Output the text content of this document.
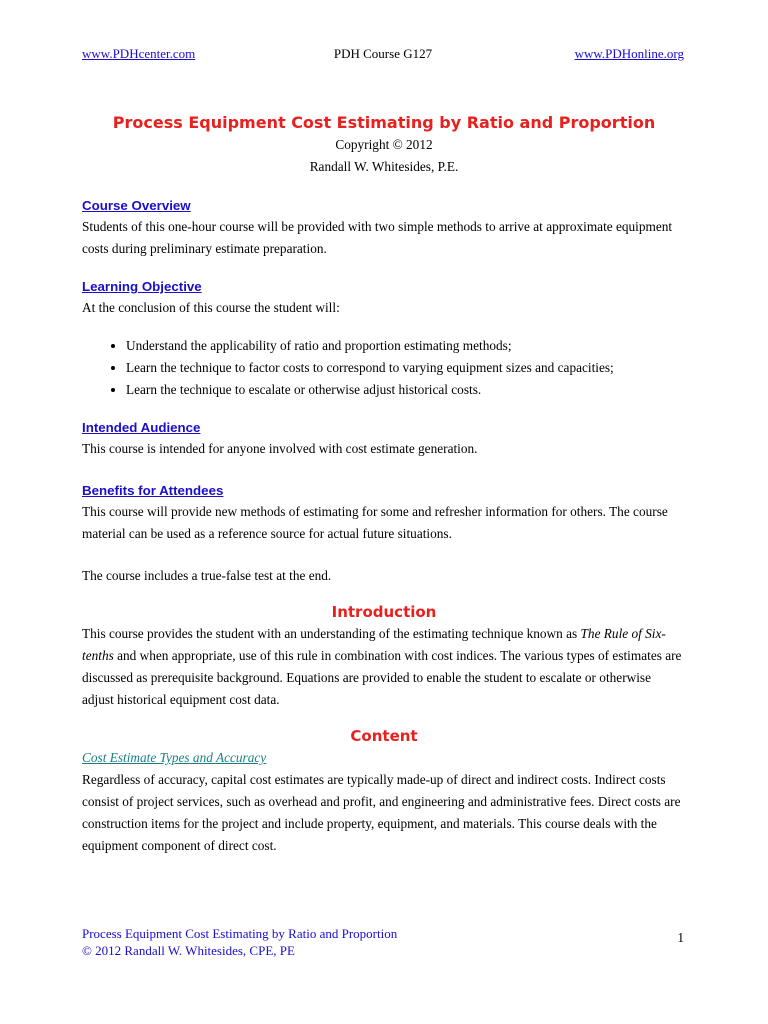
www.PDHcenter.com	PDH Course G127	www.PDHonline.org
Process Equipment Cost Estimating by Ratio and Proportion
Copyright © 2012
Randall W. Whitesides, P.E.
Course Overview

Students of this one-hour course will be provided with two simple methods to arrive at approximate equipment costs during preliminary estimate preparation.

Learning Objective

At the conclusion of this course the student will:

• Understand the applicability of ratio and proportion estimating methods;
• Learn the technique to factor costs to correspond to varying equipment sizes and capacities;
• Learn the technique to escalate or otherwise adjust historical costs.
Intended Audience

This course is intended for anyone involved with cost estimate generation.

Benefits for Attendees

This course will provide new methods of estimating for some and refresher information for others. The course material can be used as a reference source for actual future situations.

The course includes a true-false test at the end.

Introduction

This course provides the student with an understanding of the estimating technique known as The Rule of Six-tenths and when appropriate, use of this rule in combination with cost indices. The various types of estimates are discussed as prerequisite background. Equations are provided to enable the student to escalate or otherwise adjust historical equipment cost data.

Content

Cost Estimate Types and Accuracy

Regardless of accuracy, capital cost estimates are typically made-up of direct and indirect costs. Indirect costs consist of project services, such as overhead and profit, and engineering and administrative fees. Direct costs are construction items for the project and include property, equipment, and materials. This course deals with the equipment component of direct cost.

Process Equipment Cost Estimating by Ratio and Proportion
© 2012 Randall W. Whitesides, CPE, PE
1
